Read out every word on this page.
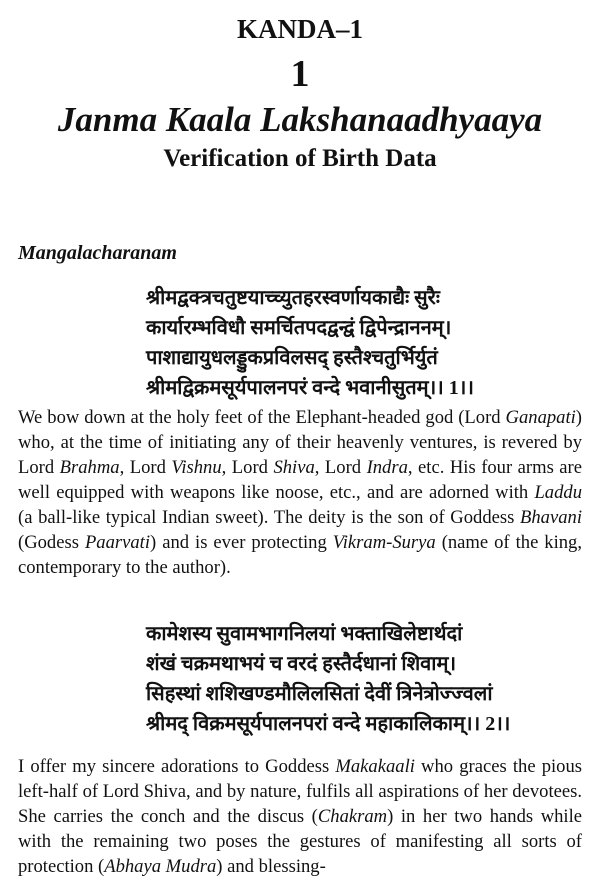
KANDA–1
1
Janma Kaala Lakshanaadhyaaya
Verification of Birth Data
Mangalacharanam
श्रीमद्वक्त्रचतुष्टयाच्च्युतहरस्वर्णायकाद्यैः सुरैः
कार्यारम्भविधौ समर्चितपदद्वन्द्वं द्विपेन्द्राननम्।
पाशाद्यायुधलड्डुकप्रविलसद् हस्तैश्चतुर्भिर्युतं
श्रीमद्विक्रमसूर्यपालनपरं वन्दे भवानीसुतम्।। 1।।
We bow down at the holy feet of the Elephant-headed god (Lord Ganapati) who, at the time of initiating any of their heavenly ventures, is revered by Lord Brahma, Lord Vishnu, Lord Shiva, Lord Indra, etc. His four arms are well equipped with weapons like noose, etc., and are adorned with Laddu (a ball-like typical Indian sweet). The deity is the son of Goddess Bhavani (Godess Paarvati) and is ever protecting Vikram-Surya (name of the king, contemporary to the author).
कामेशस्य सुवामभागनिलयां भक्ताखिलेष्टार्थदां
शंखं चक्रमथाभयं च वरदं हस्तैर्दधानां शिवाम्।
सिहस्थां शशिखण्डमौलिलसितां देवीं त्रिनेत्रोज्ज्वलां
श्रीमद् विक्रमसूर्यपालनपरां वन्दे महाकालिकाम्।। 2।।
I offer my sincere adorations to Goddess Makakaali who graces the pious left-half of Lord Shiva, and by nature, fulfils all aspirations of her devotees. She carries the conch and the discus (Chakram) in her two hands while with the remaining two poses the gestures of manifesting all sorts of protection (Abhaya Mudra) and blessing-
